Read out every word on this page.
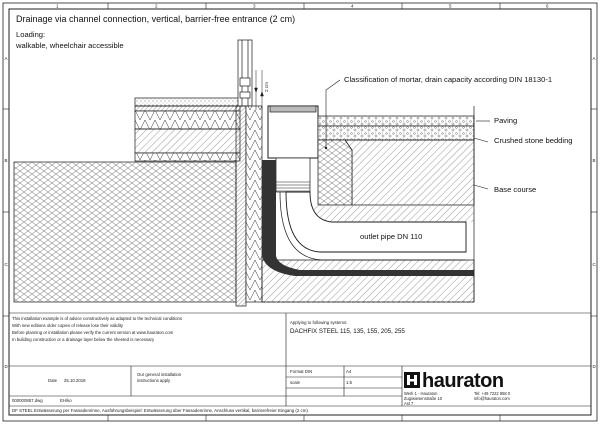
1	2	3	4	5	6
A
B
C
D
A
B
C
D
2 cm
Drainage via channel connection, vertical, barrier-free entrance (2 cm)
Loading:
walkable, wheelchair accessible
Classification of mortar, drain capacity according DIN 18130-1
Paving
Crushed stone bedding
Base course
outlet pipe DN 110
This installation example is of advice constructively as adapted to the technical conditions
With new editions older copies of release lose their validity
Before planning or installation please verify the current version at www.hauraton.com
In building construction or a drainage layer below the sheeted is necessary
Applying to following systems:
DACHFIX STEEL 115, 135, 155, 205, 255
Date 25.10.2018
EH/ko
000000857.dwg
Our general installation
instructions apply
Format DIN	A4
scale	1:5	hauraton
Werk 1 - Hauraton
Zugiwiesenstraße 10
Ast 7
Tel: +49 7222 958 0
info@hauraton.com
DF STEEL Entwässerung per Fassadenrinne, Ausführungsbeispiel: Entwässerung über Fassadenrinne, Anschluss vertikal, barrierefreier Eingang (2 cm)
